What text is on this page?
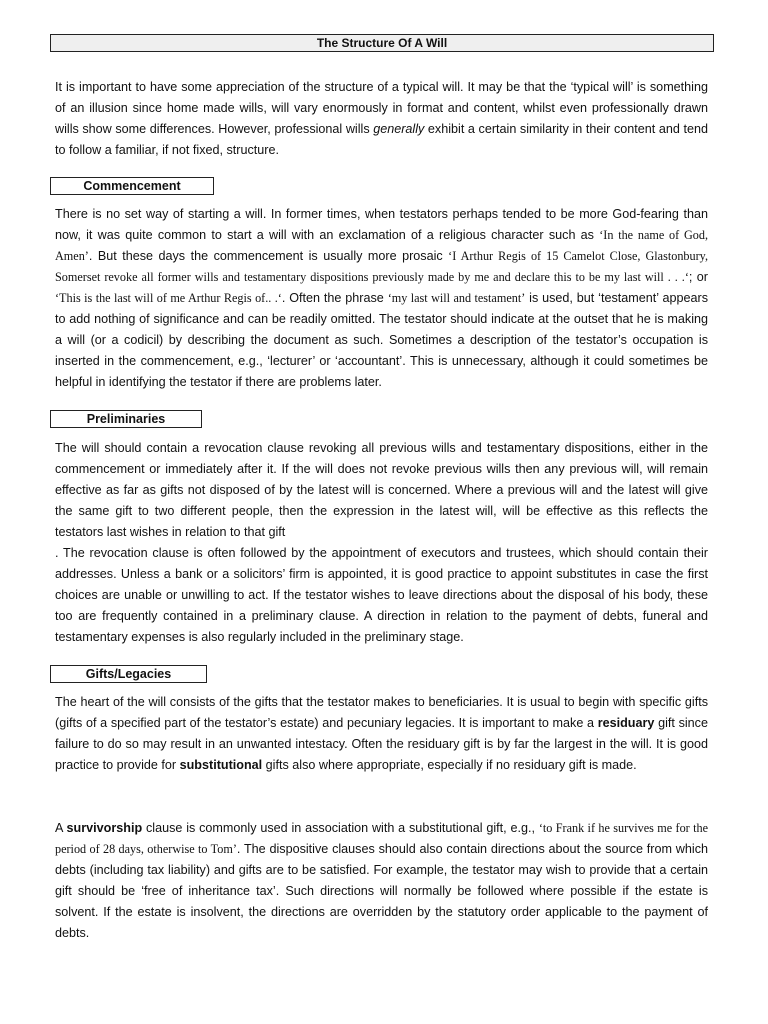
The Structure Of A Will

It is important to have some appreciation of the structure of a typical will. It may be that the ‘typical will’ is something of an illusion since home made wills, will vary enormously in format and content, whilst even professionally drawn wills show some differences. However, professional wills generally exhibit a certain similarity in their content and tend to follow a familiar, if not fixed, structure.

Commencement

There is no set way of starting a will. In former times, when testators perhaps tended to be more God-fearing than now, it was quite common to start a will with an exclamation of a religious character such as ‘In the name of God, Amen’. But these days the commencement is usually more prosaic ‘I Arthur Regis of 15 Camelot Close, Glastonbury, Somerset revoke all former wills and testamentary dispositions previously made by me and declare this to be my last will . . .‘; or ‘This is the last will of me Arthur Regis of.. .‘. Often the phrase ‘my last will and testament’ is used, but ‘testament’ appears to add nothing of significance and can be readily omitted. The testator should indicate at the outset that he is making a will (or a codicil) by describing the document as such. Sometimes a description of the testator’s occupation is inserted in the commencement, e.g., ‘lecturer’ or ‘accountant’. This is unnecessary, although it could sometimes be helpful in identifying the testator if there are problems later.

Preliminaries

The will should contain a revocation clause revoking all previous wills and testamentary dispositions, either in the commencement or immediately after it. If the will does not revoke previous wills then any previous will, will remain effective as far as gifts not disposed of by the latest will is concerned. Where a previous will and the latest will give the same gift to two different people, then the expression in the latest will, will be effective as this reflects the testators last wishes in relation to that gift

. The revocation clause is often followed by the appointment of executors and trustees, which should contain their addresses. Unless a bank or a solicitors’ firm is appointed, it is good practice to appoint substitutes in case the first choices are unable or unwilling to act. If the testator wishes to leave directions about the disposal of his body, these too are frequently contained in a preliminary clause. A direction in relation to the payment of debts, funeral and testamentary expenses is also regularly included in the preliminary stage.

Gifts/Legacies

The heart of the will consists of the gifts that the testator makes to beneficiaries. It is usual to begin with specific gifts (gifts of a specified part of the testator’s estate) and pecuniary legacies. It is important to make a residuary gift since failure to do so may result in an unwanted intestacy. Often the residuary gift is by far the largest in the will. It is good practice to provide for substitutional gifts also where appropriate, especially if no residuary gift is made.

A survivorship clause is commonly used in association with a substitutional gift, e.g., ‘to Frank if he survives me for the period of 28 days, otherwise to Tom’. The dispositive clauses should also contain directions about the source from which debts (including tax liability) and gifts are to be satisfied. For example, the testator may wish to provide that a certain gift should be ‘free of inheritance tax’. Such directions will normally be followed where possible if the estate is solvent. If the estate is insolvent, the directions are overridden by the statutory order applicable to the payment of debts.
